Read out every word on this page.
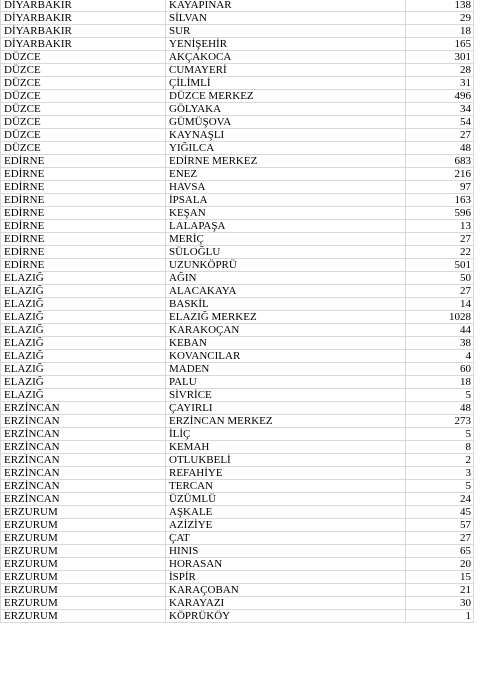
DİYARBAKIR	KAYAPINAR	138
DİYARBAKIR	SİLVAN	29
DİYARBAKIR	SUR	18
DİYARBAKIR	YENİŞEHİR	165
DÜZCE	AKÇAKOCA	301
DÜZCE	CUMAYERİ	28
DÜZCE	ÇİLİMLİ	31
DÜZCE	DÜZCE MERKEZ	496
DÜZCE	GÖLYAKA	34
DÜZCE	GÜMÜŞOVA	54
DÜZCE	KAYNAŞLI	27
DÜZCE	YIĞILCA	48
EDİRNE	EDİRNE MERKEZ	683
EDİRNE	ENEZ	216
EDİRNE	HAVSA	97
EDİRNE	İPSALA	163
EDİRNE	KEŞAN	596
EDİRNE	LALAPAŞA	13
EDİRNE	MERİÇ	27
EDİRNE	SÜLOĞLU	22
EDİRNE	UZUNKÖPRÜ	501
ELAZIĞ	AĞIN	50
ELAZIĞ	ALACAKAYA	27
ELAZIĞ	BASKİL	14
ELAZIĞ	ELAZIĞ MERKEZ	1028
ELAZIĞ	KARAKOÇAN	44
ELAZIĞ	KEBAN	38
ELAZIĞ	KOVANCILAR	4
ELAZIĞ	MADEN	60
ELAZIĞ	PALU	18
ELAZIĞ	SİVRİCE	5
ERZİNCAN	ÇAYIRLI	48
ERZİNCAN	ERZİNCAN MERKEZ	273
ERZİNCAN	İLİÇ	5
ERZİNCAN	KEMAH	8
ERZİNCAN	OTLUKBELİ	2
ERZİNCAN	REFAHİYE	3
ERZİNCAN	TERCAN	5
ERZİNCAN	ÜZÜMLÜ	24
ERZURUM	AŞKALE	45
ERZURUM	AZİZİYE	57
ERZURUM	ÇAT	27
ERZURUM	HINIS	65
ERZURUM	HORASAN	20
ERZURUM	İSPİR	15
ERZURUM	KARAÇOBAN	21
ERZURUM	KARAYAZI	30
ERZURUM	KÖPRÜKÖY	1
